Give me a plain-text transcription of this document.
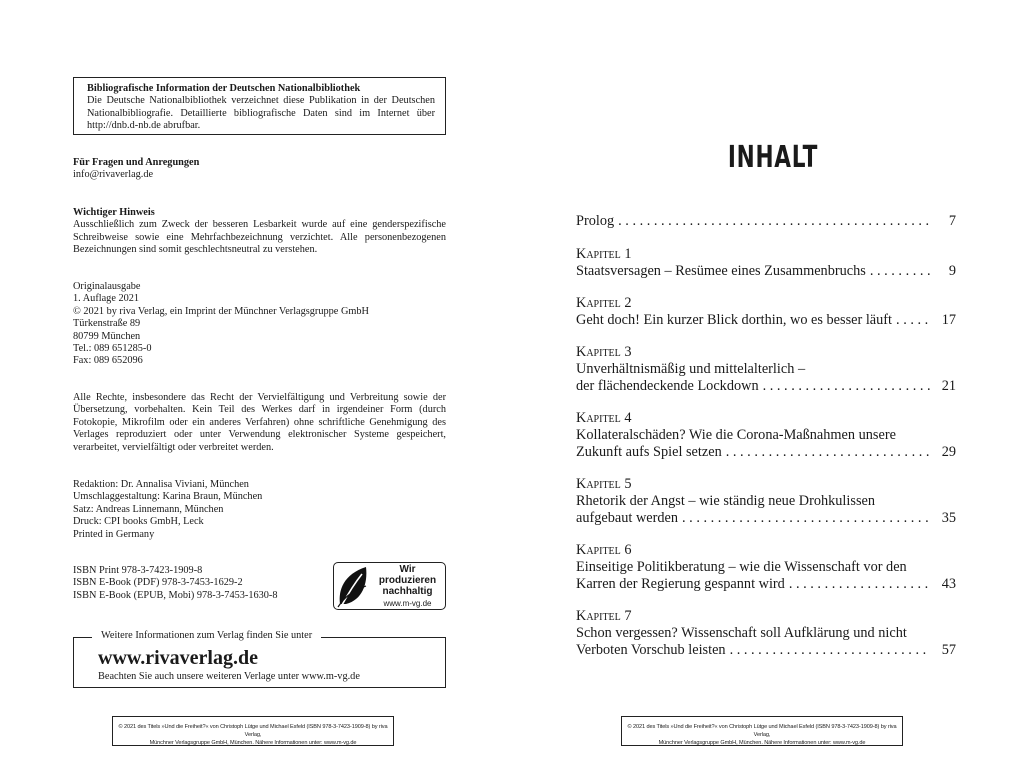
Bibliografische Information der Deutschen Nationalbibliothek
Die Deutsche Nationalbibliothek verzeichnet diese Publikation in der Deutschen Nationalbibliografie. Detaillierte bibliografische Daten sind im Internet über http://dnb.d-nb.de abrufbar.
Für Fragen und Anregungen
info@rivaverlag.de
Wichtiger Hinweis
Ausschließlich zum Zweck der besseren Lesbarkeit wurde auf eine genderspezifische Schreibweise sowie eine Mehrfachbezeichnung verzichtet. Alle personenbezogenen Bezeichnungen sind somit geschlechtsneutral zu verstehen.
Originalausgabe
1. Auflage 2021
© 2021 by riva Verlag, ein Imprint der Münchner Verlagsgruppe GmbH
Türkenstraße 89
80799 München
Tel.: 089 651285-0
Fax: 089 652096
Alle Rechte, insbesondere das Recht der Vervielfältigung und Verbreitung sowie der Übersetzung, vorbehalten. Kein Teil des Werkes darf in irgendeiner Form (durch Fotokopie, Mikrofilm oder ein anderes Verfahren) ohne schriftliche Genehmigung des Verlages reproduziert oder unter Verwendung elektronischer Systeme gespeichert, verarbeitet, vervielfältigt oder verbreitet werden.
Redaktion: Dr. Annalisa Viviani, München
Umschlaggestaltung: Karina Braun, München
Satz: Andreas Linnemann, München
Druck: CPI books GmbH, Leck
Printed in Germany
ISBN Print 978-3-7423-1909-8
ISBN E-Book (PDF) 978-3-7453-1629-2
ISBN E-Book (EPUB, Mobi) 978-3-7453-1630-8
Wir produzieren
nachhaltig
www.m-vg.de
Weitere Informationen zum Verlag finden Sie unter
www.rivaverlag.de
Beachten Sie auch unsere weiteren Verlage unter www.m-vg.de
© 2021 des Titels »Und die Freiheit?« von Christoph Lütge und Michael Esfeld (ISBN 978-3-7423-1909-8) by riva Verlag,
Münchner Verlagsgruppe GmbH, München. Nähere Informationen unter: www.m-vg.de
INHALT
Prolog . . .	7
Kapitel 1
Staatsversagen – Resümee eines Zusammenbruchs . . .	9
Kapitel 2
Geht doch! Ein kurzer Blick dorthin, wo es besser läuft . . .	17
Kapitel 3
Unverhältnismäßig und mittelalterlich –
der flächendeckende Lockdown . . .	21
Kapitel 4
Kollateralschäden? Wie die Corona-Maßnahmen unsere
Zukunft aufs Spiel setzen . . .	29
Kapitel 5
Rhetorik der Angst – wie ständig neue Drohkulissen
aufgebaut werden . . .	35
Kapitel 6
Einseitige Politikberatung – wie die Wissenschaft vor den
Karren der Regierung gespannt wird . . .	43
Kapitel 7
Schon vergessen? Wissenschaft soll Aufklärung und nicht
Verboten Vorschub leisten . . .	57
© 2021 des Titels »Und die Freiheit?« von Christoph Lütge und Michael Esfeld (ISBN 978-3-7423-1909-8) by riva Verlag,
Münchner Verlagsgruppe GmbH, München. Nähere Informationen unter: www.m-vg.de
